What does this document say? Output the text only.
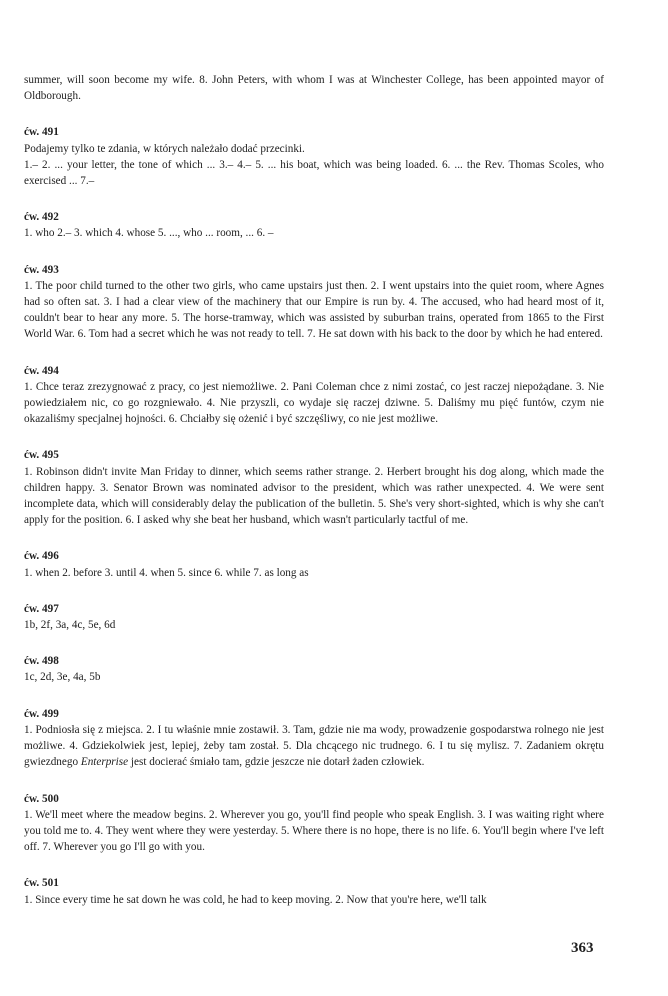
summer, will soon become my wife. 8. John Peters, with whom I was at Winchester College, has been appointed mayor of Oldborough.

ćw. 491

Podajemy tylko te zdania, w których należało dodać przecinki.

1.– 2. ... your letter, the tone of which ... 3.– 4.– 5. ... his boat, which was being loaded. 6. ... the Rev. Thomas Scoles, who exercised ... 7.–

ćw. 492

1. who 2.– 3. which 4. whose 5. ..., who ... room, ... 6. –

ćw. 493

1. The poor child turned to the other two girls, who came upstairs just then. 2. I went upstairs into the quiet room, where Agnes had so often sat. 3. I had a clear view of the machinery that our Empire is run by. 4. The accused, who had heard most of it, couldn't bear to hear any more. 5. The horse-tramway, which was assisted by suburban trains, operated from 1865 to the First World War. 6. Tom had a secret which he was not ready to tell. 7. He sat down with his back to the door by which he had entered.

ćw. 494

1. Chce teraz zrezygnować z pracy, co jest niemożliwe. 2. Pani Coleman chce z nimi zostać, co jest raczej niepożądane. 3. Nie powiedziałem nic, co go rozgniewało. 4. Nie przyszli, co wydaje się raczej dziwne. 5. Daliśmy mu pięć funtów, czym nie okazaliśmy specjalnej hojności. 6. Chciałby się ożenić i być szczęśliwy, co nie jest możliwe.

ćw. 495

1. Robinson didn't invite Man Friday to dinner, which seems rather strange. 2. Herbert brought his dog along, which made the children happy. 3. Senator Brown was nominated advisor to the president, which was rather unexpected. 4. We were sent incomplete data, which will considerably delay the publication of the bulletin. 5. She's very short-sighted, which is why she can't apply for the position. 6. I asked why she beat her husband, which wasn't particularly tactful of me.

ćw. 496

1. when 2. before 3. until 4. when 5. since 6. while 7. as long as

ćw. 497

1b, 2f, 3a, 4c, 5e, 6d

ćw. 498

1c, 2d, 3e, 4a, 5b

ćw. 499

1. Podniosła się z miejsca. 2. I tu właśnie mnie zostawił. 3. Tam, gdzie nie ma wody, prowadzenie gospodarstwa rolnego nie jest możliwe. 4. Gdziekolwiek jest, lepiej, żeby tam został. 5. Dla chcącego nic trudnego. 6. I tu się mylisz. 7. Zadaniem okrętu gwiezdnego Enterprise jest docierać śmiało tam, gdzie jeszcze nie dotarł żaden człowiek.

ćw. 500

1. We'll meet where the meadow begins. 2. Wherever you go, you'll find people who speak English. 3. I was waiting right where you told me to. 4. They went where they were yesterday. 5. Where there is no hope, there is no life. 6. You'll begin where I've left off. 7. Wherever you go I'll go with you.

ćw. 501

1. Since every time he sat down he was cold, he had to keep moving. 2. Now that you're here, we'll talk

363
